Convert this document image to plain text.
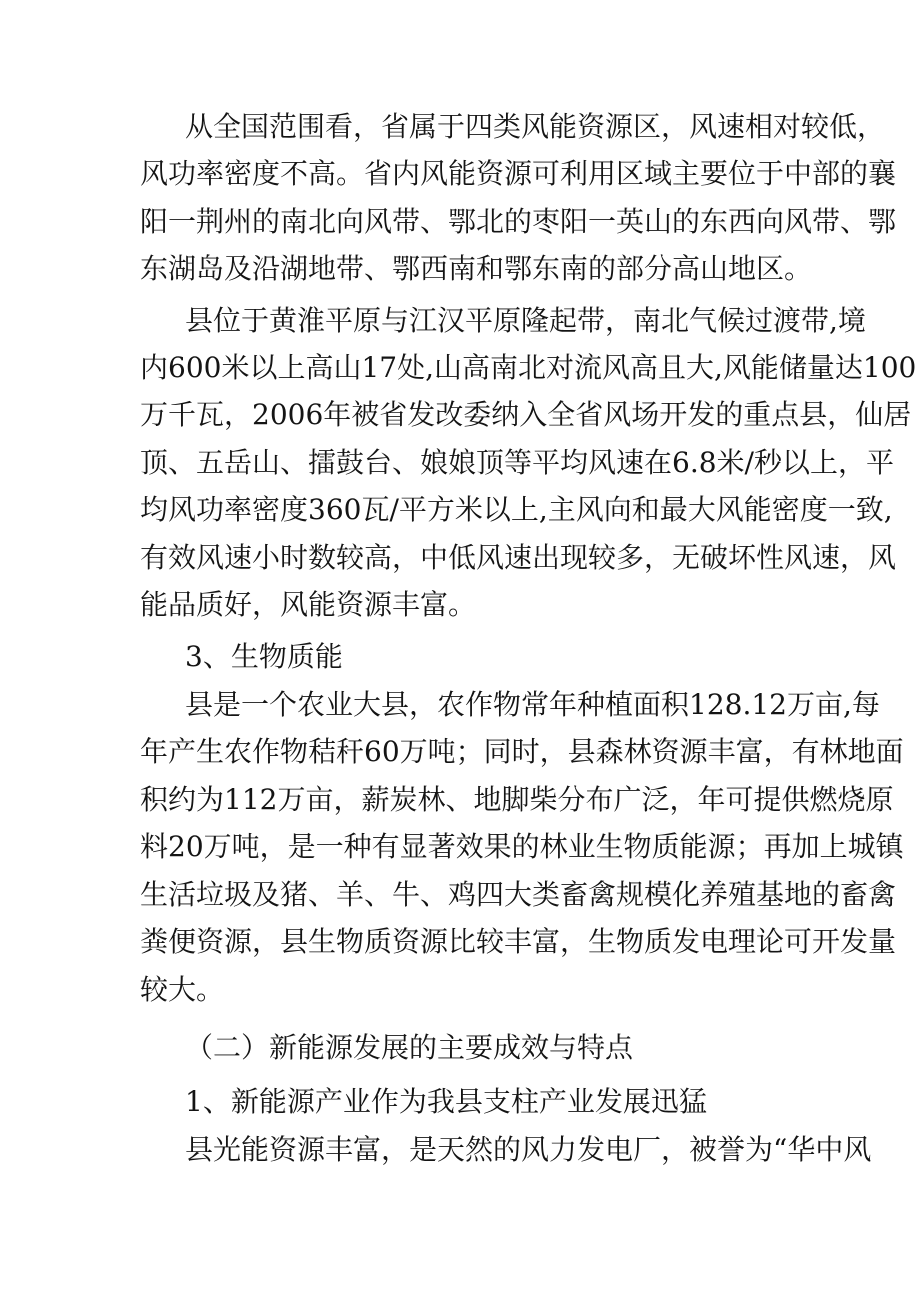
从全国范围看，省属于四类风能资源区，风速相对较低，
风功率密度不高。省内风能资源可利用区域主要位于中部的襄
阳一荆州的南北向风带、鄂北的枣阳一英山的东西向风带、鄂
东湖岛及沿湖地带、鄂西南和鄂东南的部分高山地区。
县位于黄淮平原与江汉平原隆起带，南北气候过渡带,境
内600米以上高山17处,山高南北对流风高且大,风能储量达100
万千瓦，2006年被省发改委纳入全省风场开发的重点县，仙居
顶、五岳山、擂鼓台、娘娘顶等平均风速在6.8米/秒以上，平
均风功率密度360瓦/平方米以上,主风向和最大风能密度一致,
有效风速小时数较高，中低风速出现较多，无破坏性风速，风
能品质好，风能资源丰富。
3、生物质能
县是一个农业大县，农作物常年种植面积128.12万亩,每
年产生农作物秸秆60万吨；同时，县森林资源丰富，有林地面
积约为112万亩，薪炭林、地脚柴分布广泛，年可提供燃烧原
料20万吨，是一种有显著效果的林业生物质能源；再加上城镇
生活垃圾及猪、羊、牛、鸡四大类畜禽规模化养殖基地的畜禽
粪便资源，县生物质资源比较丰富，生物质发电理论可开发量
较大。
（二）新能源发展的主要成效与特点
1、新能源产业作为我县支柱产业发展迅猛
县光能资源丰富，是天然的风力发电厂，被誉为“华中风
